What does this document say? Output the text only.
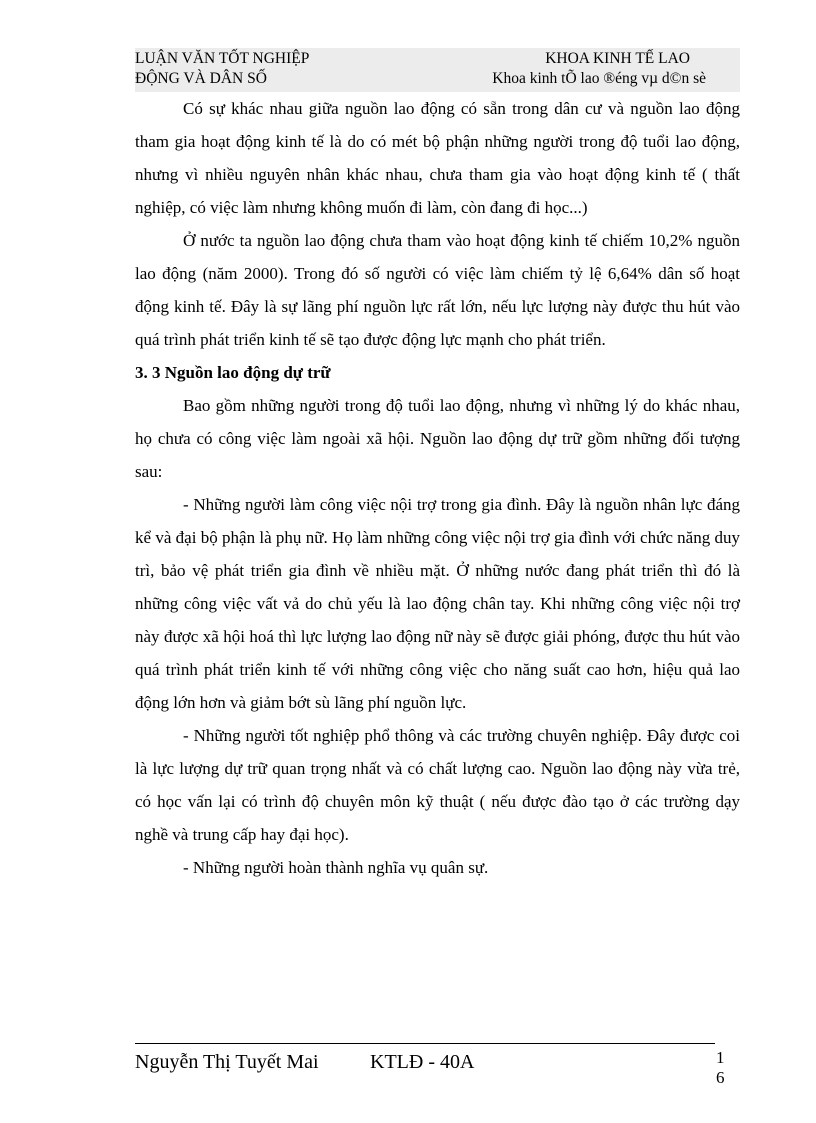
LUẬN VĂN TỐT NGHIỆP
ĐỘNG VÀ DÂN SỐ
KHOA KINH TẾ LAO
Khoa kinh tÕ lao ®éng vµ d©n sè

Có sự khác nhau giữa nguồn lao động có sẵn trong dân cư và nguồn lao động tham gia hoạt động kinh tế là do có mét bộ phận những người trong độ tuổi lao động, nhưng vì nhiều nguyên nhân khác nhau, chưa tham gia vào hoạt động kinh tế ( thất nghiệp, có việc làm nhưng không muốn đi làm, còn đang đi học...)

Ở nước ta nguồn lao động chưa tham vào hoạt động kinh tế chiếm 10,2% nguồn lao động (năm 2000). Trong đó số người có việc làm chiếm tỷ lệ 6,64% dân số hoạt động kinh tế. Đây là sự lãng phí nguồn lực rất lớn, nếu lực lượng này được thu hút vào quá trình phát triển kinh tế sẽ tạo được động lực mạnh cho phát triển.

3. 3 Nguồn lao động dự trữ

Bao gồm những người trong độ tuổi lao động, nhưng vì những lý do khác nhau, họ chưa có công việc làm ngoài xã hội. Nguồn lao động dự trữ gồm những đối tượng sau:

- Những người làm công việc nội trợ trong gia đình. Đây là nguồn nhân lực đáng kể và đại bộ phận là phụ nữ. Họ làm những công việc nội trợ gia đình với chức năng duy trì, bảo vệ phát triển gia đình về nhiều mặt. Ở những nước đang phát triển thì đó là những công việc vất vả do chủ yếu là lao động chân tay. Khi những công việc nội trợ này được xã hội hoá thì lực lượng lao động nữ này sẽ được giải phóng, được thu hút vào quá trình phát triển kinh tế với những công việc cho năng suất cao hơn, hiệu quả lao động lớn hơn và giảm bớt sù lãng phí nguồn lực.

- Những người tốt nghiệp phổ thông và các trường chuyên nghiệp. Đây được coi là lực lượng dự trữ quan trọng nhất và có chất lượng cao. Nguồn lao động này vừa trẻ, có học vấn lại có trình độ chuyên môn kỹ thuật ( nếu được đào tạo ở các trường dạy nghề và trung cấp hay đại học).

- Những người hoàn thành nghĩa vụ quân sự.

Nguyễn Thị Tuyết Mai	KTLĐ - 40A	1
6
